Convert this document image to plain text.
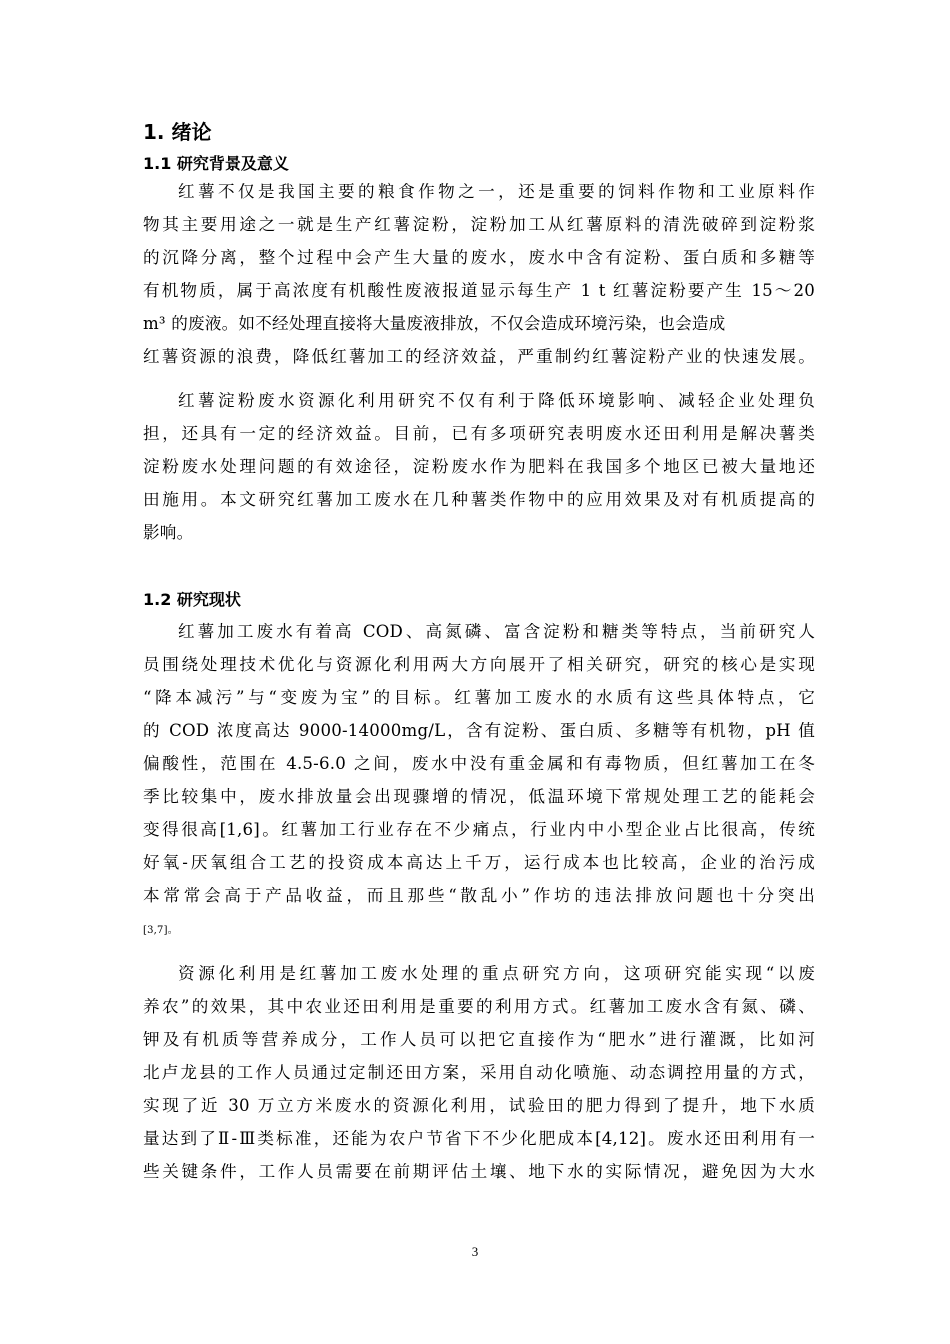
1. 绪论
1.1 研究背景及意义
红薯不仅是我国主要的粮食作物之一，还是重要的饲料作物和工业原料作
物其主要用途之一就是生产红薯淀粉，淀粉加工从红薯原料的清洗破碎到淀粉浆
的沉降分离，整个过程中会产生大量的废水，废水中含有淀粉、蛋白质和多糖等
有机物质，属于高浓度有机酸性废液报道显示每生产 1 t 红薯淀粉要产生 15～20
m³ 的废液。如不经处理直接将大量废液排放，不仅会造成环境污染，也会造成
红薯资源的浪费，降低红薯加工的经济效益，严重制约红薯淀粉产业的快速发展。
红薯淀粉废水资源化利用研究不仅有利于降低环境影响、减轻企业处理负
担，还具有一定的经济效益。目前，已有多项研究表明废水还田利用是解决薯类
淀粉废水处理问题的有效途径，淀粉废水作为肥料在我国多个地区已被大量地还
田施用。本文研究红薯加工废水在几种薯类作物中的应用效果及对有机质提高的
影响。
1.2 研究现状
红薯加工废水有着高 COD、高氮磷、富含淀粉和糖类等特点，当前研究人
员围绕处理技术优化与资源化利用两大方向展开了相关研究，研究的核心是实现
“降本减污”与“变废为宝”的目标。红薯加工废水的水质有这些具体特点，它
的 COD 浓度高达 9000-14000mg/L，含有淀粉、蛋白质、多糖等有机物，pH 值
偏酸性，范围在 4.5-6.0 之间，废水中没有重金属和有毒物质，但红薯加工在冬
季比较集中，废水排放量会出现骤增的情况，低温环境下常规处理工艺的能耗会
变得很高[1,6]。红薯加工行业存在不少痛点，行业内中小型企业占比很高，传统
好氧-厌氧组合工艺的投资成本高达上千万，运行成本也比较高，企业的治污成
本常常会高于产品收益，而且那些“散乱小”作坊的违法排放问题也十分突出
[3,7]。
资源化利用是红薯加工废水处理的重点研究方向，这项研究能实现“以废
养农”的效果，其中农业还田利用是重要的利用方式。红薯加工废水含有氮、磷、
钾及有机质等营养成分，工作人员可以把它直接作为“肥水”进行灌溉，比如河
北卢龙县的工作人员通过定制还田方案，采用自动化喷施、动态调控用量的方式，
实现了近 30 万立方米废水的资源化利用，试验田的肥力得到了提升，地下水质
量达到了Ⅱ-Ⅲ类标准，还能为农户节省下不少化肥成本[4,12]。废水还田利用有一
些关键条件，工作人员需要在前期评估土壤、地下水的实际情况，避免因为大水
3
